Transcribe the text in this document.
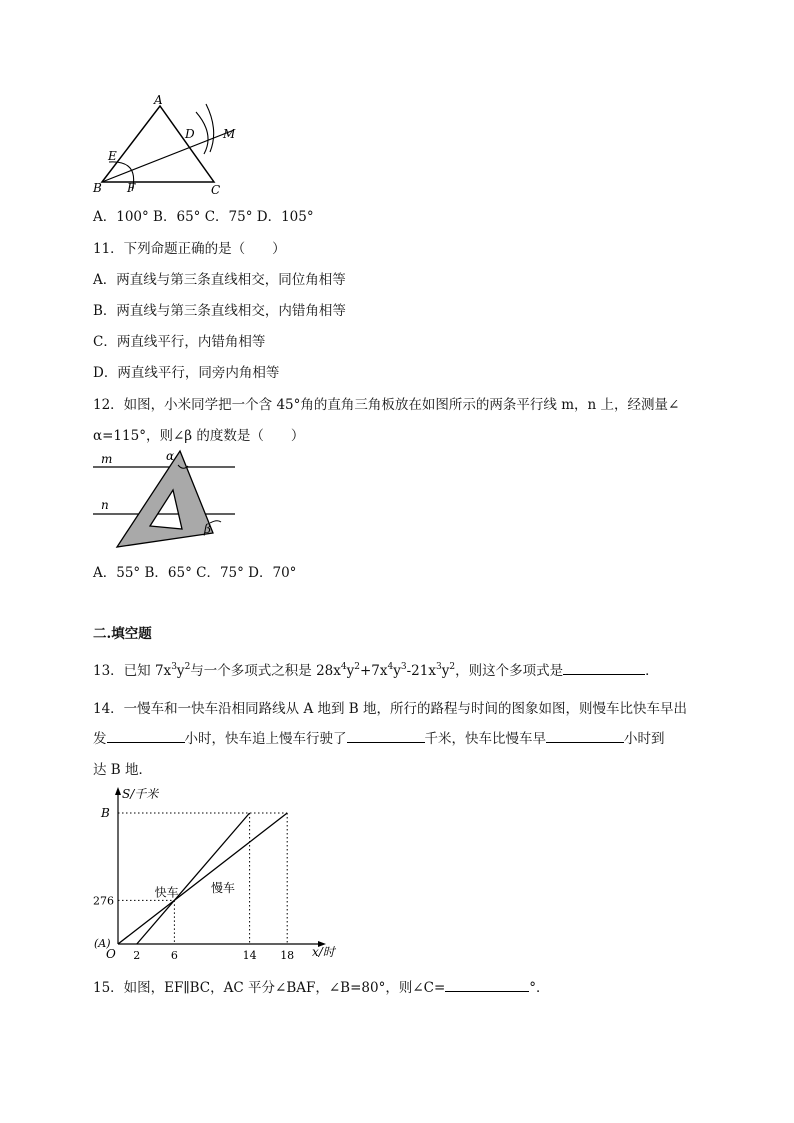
A
B	C
D
E
F
M
A．100° B．65° C．75° D．105°
11．下列命题正确的是（　　）
A．两直线与第三条直线相交，同位角相等
B．两直线与第三条直线相交，内错角相等
C．两直线平行，内错角相等
D．两直线平行，同旁内角相等
12．如图，小米同学把一个含 45°角的直角三角板放在如图所示的两条平行线 m，n 上，经测量∠
α=115°，则∠β 的度数是（　　）
m
n
α
β
A．55° B．65° C．75° D．70°
二.填空题
13．已知 $7x^3y^2$与一个多项式之积是 $28x^4y^2+7x^4y^3-21x^3y^2$，则这个多项式是	．
14．一慢车和一快车沿相同路线从 A 地到 B 地，所行的路程与时间的图象如图，则慢车比快车早出
发	小时，快车追上慢车行驶了	千米，快车比慢车早	小时到
达 B 地．
快车	慢车
2	6	14 18
276
B
S/千米
x/时
O
(A)
15．如图，EF∥BC，AC 平分∠BAF，∠B=80°，则∠C=	°．
